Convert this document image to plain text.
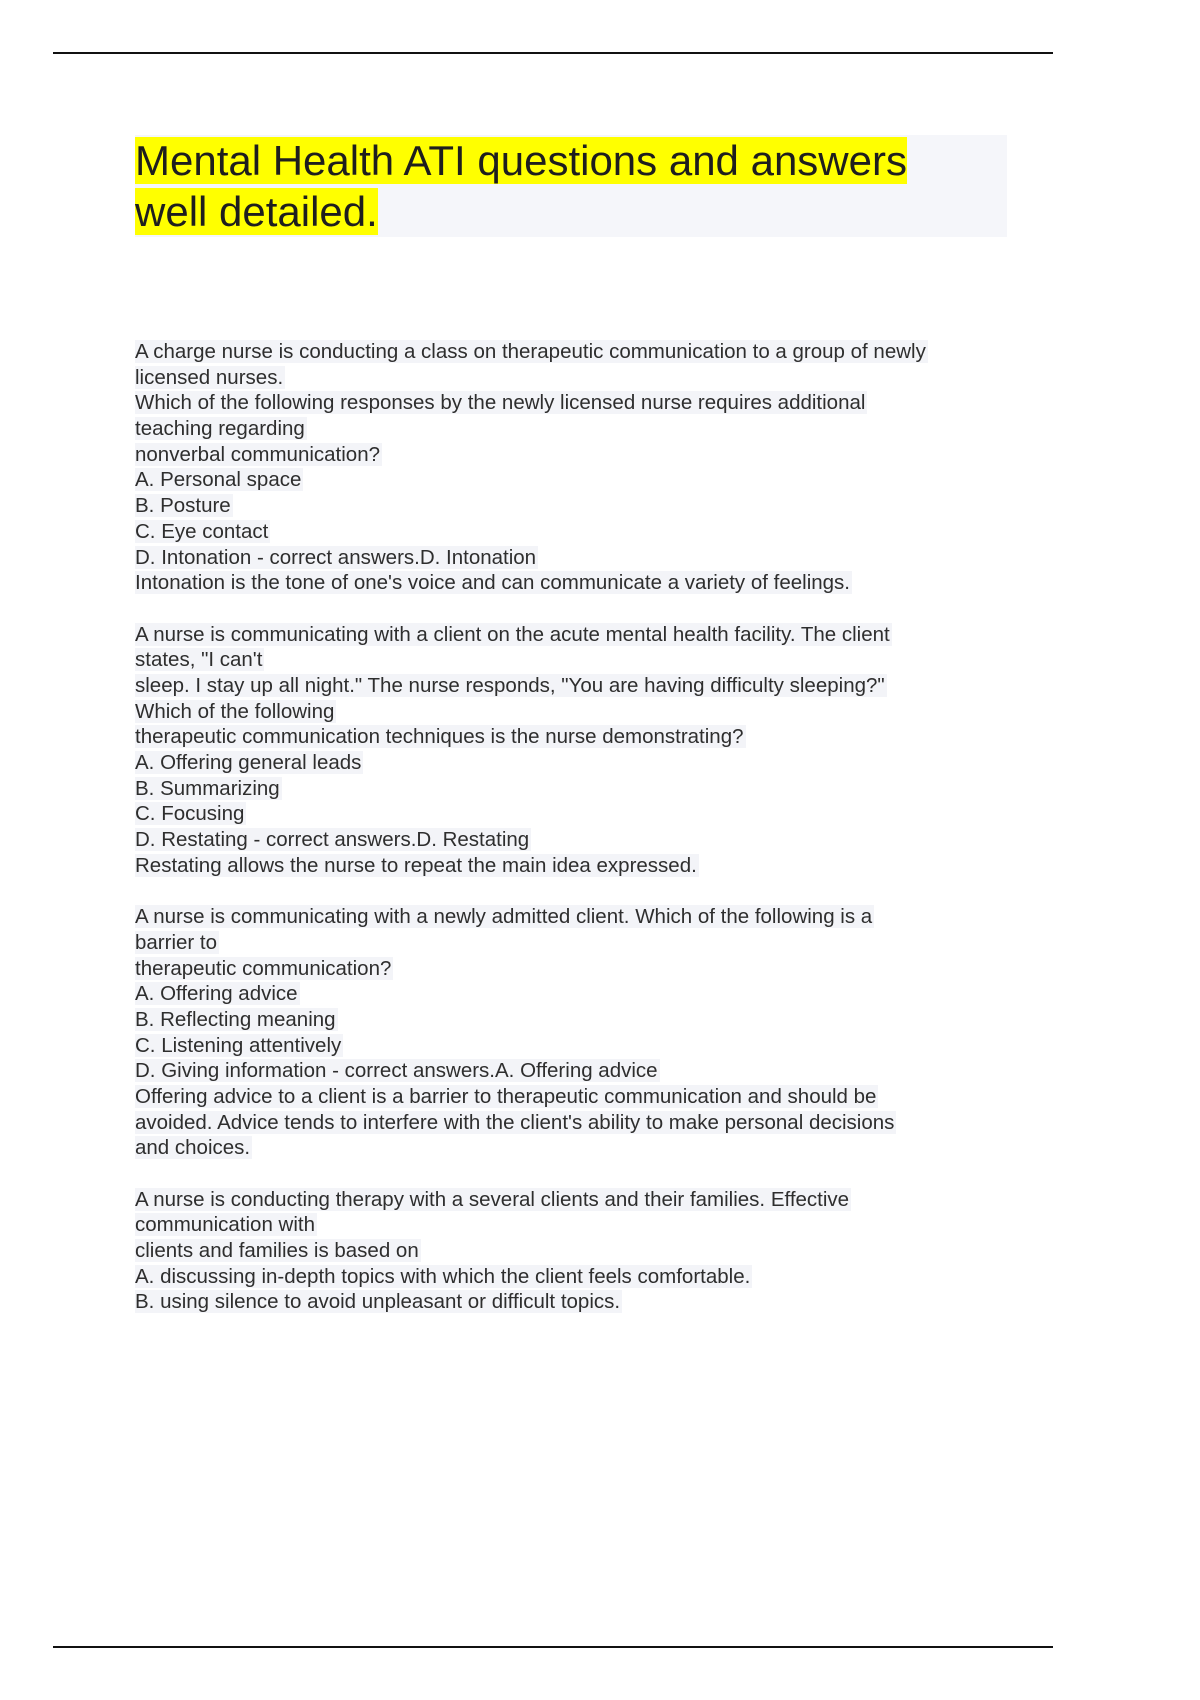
Mental Health ATI questions and answers
well detailed.
A charge nurse is conducting a class on therapeutic communication to a group of newly
licensed nurses.
Which of the following responses by the newly licensed nurse requires additional
teaching regarding
nonverbal communication?
A. Personal space
B. Posture
C. Eye contact
D. Intonation - correct answers.D. Intonation
Intonation is the tone of one's voice and can communicate a variety of feelings.
A nurse is communicating with a client on the acute mental health facility. The client
states, "I can't
sleep. I stay up all night." The nurse responds, "You are having difficulty sleeping?"
Which of the following
therapeutic communication techniques is the nurse demonstrating?
A. Offering general leads
B. Summarizing
C. Focusing
D. Restating - correct answers.D. Restating
Restating allows the nurse to repeat the main idea expressed.
A nurse is communicating with a newly admitted client. Which of the following is a
barrier to
therapeutic communication?
A. Offering advice
B. Reflecting meaning
C. Listening attentively
D. Giving information - correct answers.A. Offering advice
Offering advice to a client is a barrier to therapeutic communication and should be
avoided. Advice tends to interfere with the client's ability to make personal decisions
and choices.
A nurse is conducting therapy with a several clients and their families. Effective
communication with
clients and families is based on
A. discussing in-depth topics with which the client feels comfortable.
B. using silence to avoid unpleasant or difficult topics.
